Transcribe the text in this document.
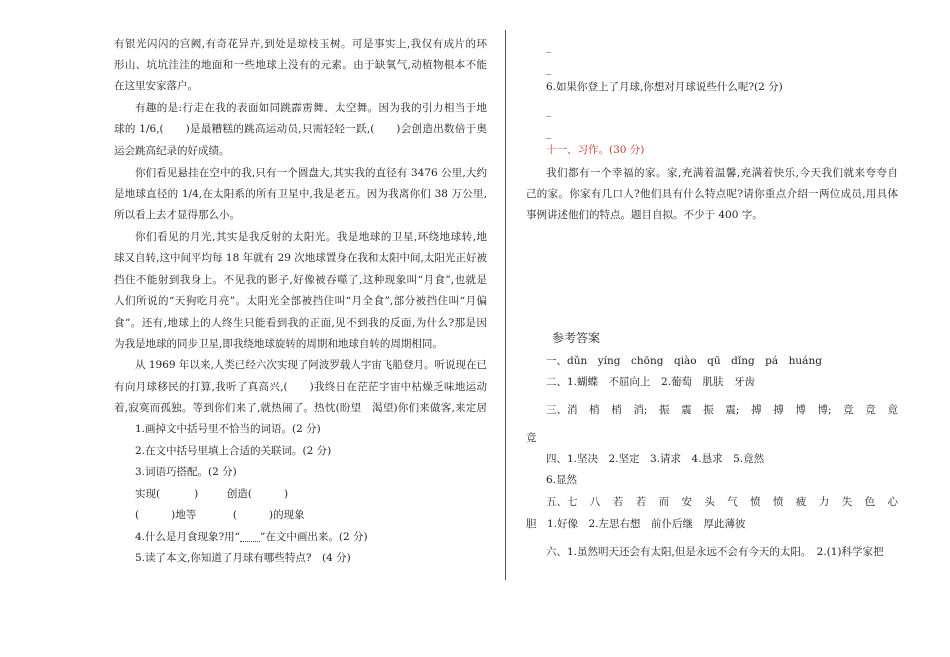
有银光闪闪的宫阙,有奇花异卉,到处是琼枝玉树。可是事实上,我仅有成片的环
形山、坑坑洼洼的地面和一些地球上没有的元素。由于缺氧气,动植物根本不能
在这里安家落户。
有趣的是:行走在我的表面如同跳霹雳舞、太空舞。因为我的引力相当于地
球的 1/6,(　　)是最糟糕的跳高运动员,只需轻轻一跃,(　　)会创造出数倍于奥
运会跳高纪录的好成绩。
你们看见悬挂在空中的我,只有一个圆盘大,其实我的直径有 3476 公里,大约
是地球直径的 1/4,在太阳系的所有卫星中,我是老五。因为我离你们 38 万公里,
所以看上去才显得那么小。
你们看见的月光,其实是我反射的太阳光。我是地球的卫星,环绕地球转,地
球又自转,这中间平均每 18 年就有 29 次地球置身在我和太阳中间,太阳光正好被
挡住不能射到我身上。不见我的影子,好像被吞噬了,这种现象叫“月食”,也就是
人们所说的“天狗吃月亮”。太阳光全部被挡住叫“月全食”,部分被挡住叫“月偏
食”。还有,地球上的人终生只能看到我的正面,见不到我的反面,为什么?那是因
为我是地球的同步卫星,即我绕地球旋转的周期和地球自转的周期相同。
从 1969 年以来,人类已经六次实现了阿波罗载人宇宙飞船登月。听说现在已
有向月球移民的打算,我听了真高兴,(　　)我终日在茫茫宇宙中枯燥乏味地运动
着,寂寞而孤独。等到你们来了,就热闹了。热忱(盼望　渴望)你们来做客,来定居
1.画掉文中括号里不恰当的词语。(2 分)
2.在文中括号里填上合适的关联词。(2 分)
3.词语巧搭配。(2 分)
实现(	)	创造(	)
(	)地等	(	)的现象
4.什么是月食现象?用“ ”在文中画出来。(2 分)
5.读了本文,你知道了月球有哪些特点?　(4 分)
_
_
6.如果你登上了月球,你想对月球说些什么呢?(2 分)
_
_
十一、习作。(30 分)
我们都有一个幸福的家。家,充满着温馨,充满着快乐,今天我们就来夸夸自
己的家。你家有几口人?他们具有什么特点呢?请你重点介绍一两位成员,用具体
事例讲述他们的特点。题目自拟。不少于 400 字。
参考答案
一、dǔn　yíng　chōng　qiào　qū　dǐng　pá　huáng
二、1.蝴蝶　不屈向上　2.葡萄　肌肤　牙齿
三、消 梢 梢 消; 振 震 振 震; 搏 搏 博 博; 竞 竞 竟
竞
四、1.坚决　2.坚定　3.请求　4.恳求　5.竟然
6.显然
五、七 八 若 若 而 安 头 气 愤 愤 疲 力 失 色 心
胆　1.好像　2.左思右想　前仆后继　厚此薄彼
六、1.虽然明天还会有太阳,但是永远不会有今天的太阳。　2.(1)科学家把
